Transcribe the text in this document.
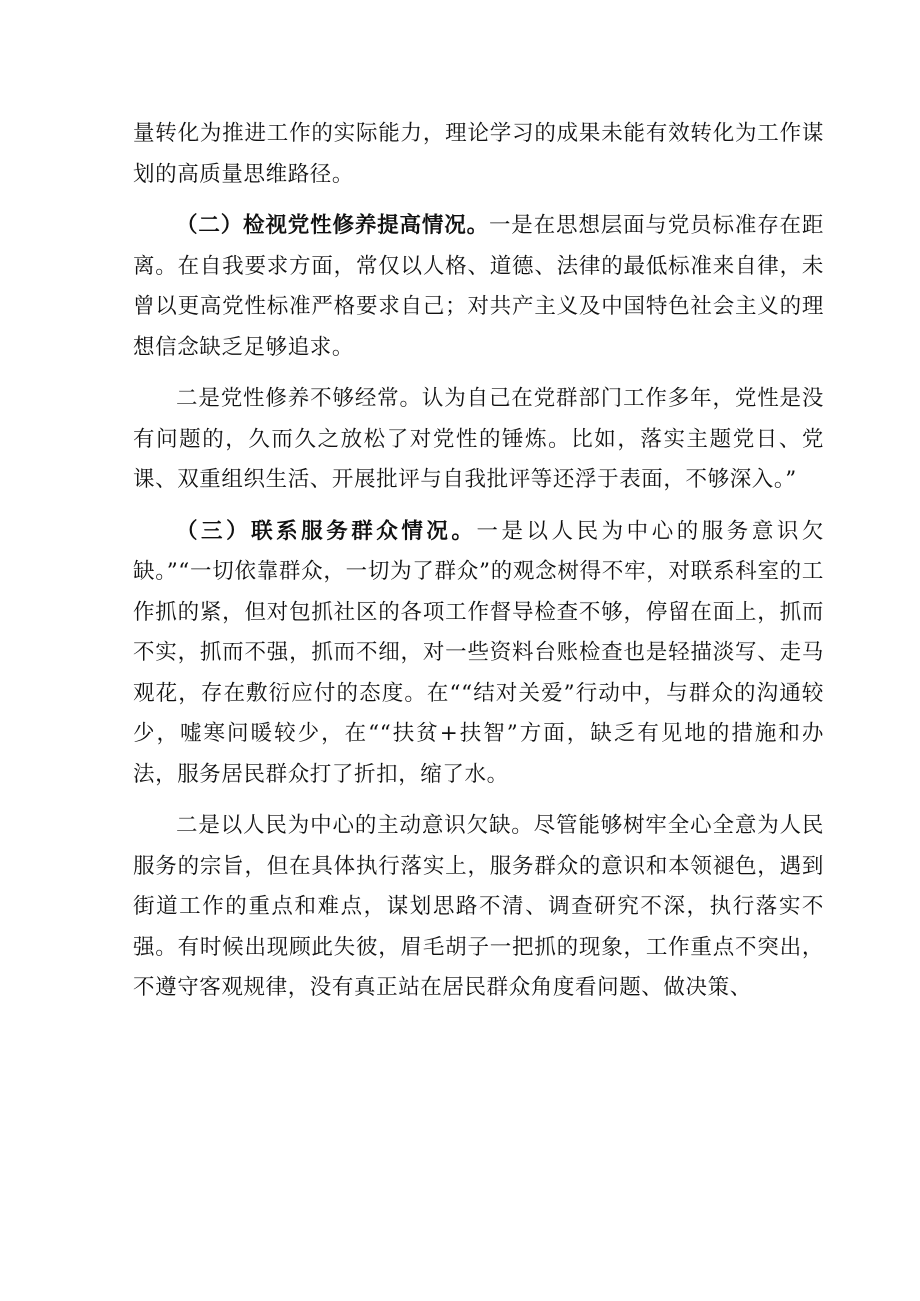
量转化为推进工作的实际能力，理论学习的成果未能有效转化为工作谋划的高质量思维路径。

（二）检视党性修养提高情况。一是在思想层面与党员标准存在距离。在自我要求方面，常仅以人格、道德、法律的最低标准来自律，未曾以更高党性标准严格要求自己；对共产主义及中国特色社会主义的理想信念缺乏足够追求。

二是党性修养不够经常。认为自己在党群部门工作多年，党性是没有问题的，久而久之放松了对党性的锤炼。比如，落实主题党日、党课、双重组织生活、开展批评与自我批评等还浮于表面，不够深入。”

（三）联系服务群众情况。一是以人民为中心的服务意识欠缺。”“一切依靠群众，一切为了群众”的观念树得不牢，对联系科室的工作抓的紧，但对包抓社区的各项工作督导检查不够，停留在面上，抓而不实，抓而不强，抓而不细，对一些资料台账检查也是轻描淡写、走马观花，存在敷衍应付的态度。在““结对关爱”行动中，与群众的沟通较少，嘘寒问暖较少，在““扶贫+扶智”方面，缺乏有见地的措施和办法，服务居民群众打了折扣，缩了水。

二是以人民为中心的主动意识欠缺。尽管能够树牢全心全意为人民服务的宗旨，但在具体执行落实上，服务群众的意识和本领褪色，遇到街道工作的重点和难点，谋划思路不清、调查研究不深，执行落实不强。有时候出现顾此失彼，眉毛胡子一把抓的现象，工作重点不突出，不遵守客观规律，没有真正站在居民群众角度看问题、做决策、
